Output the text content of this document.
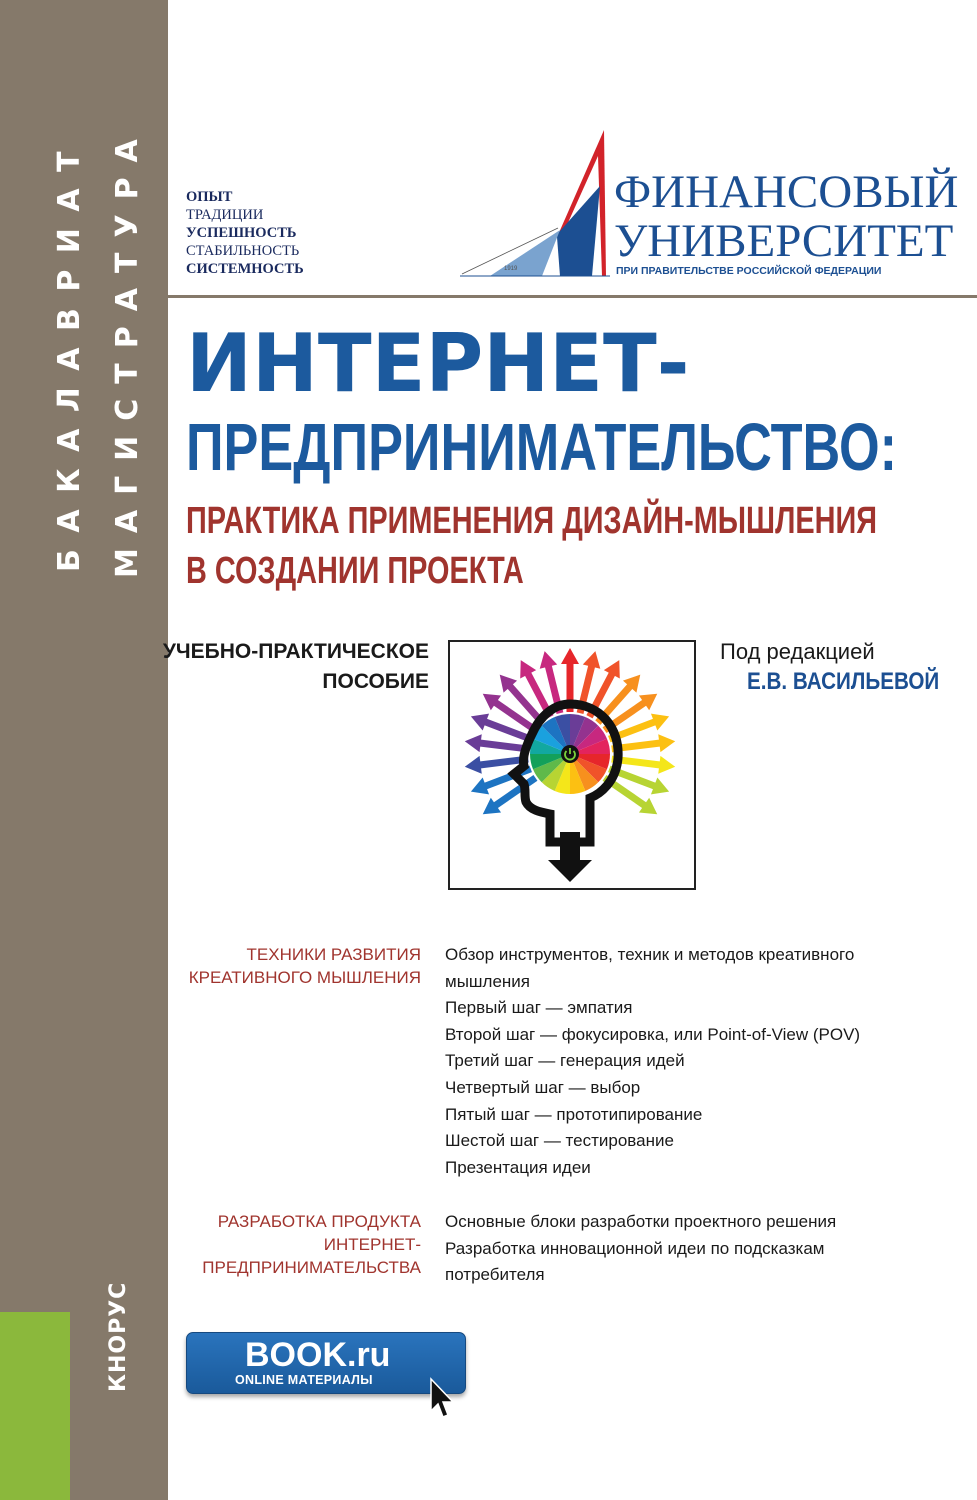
БАКАЛАВРИАТ МАГИСТРАТУРА
КНОРУС
ОПЫТ
ТРАДИЦИИ
УСПЕШНОСТЬ
СТАБИЛЬНОСТЬ
СИСТЕМНОСТЬ	1919
ФИНАНСОВЫЙ
УНИВЕРСИТЕТ
ПРИ ПРАВИТЕЛЬСТВЕ РОССИЙСКОЙ ФЕДЕРАЦИИ
ИНТЕРНЕТ-
ПРЕДПРИНИМАТЕЛЬСТВО:
ПРАКТИКА ПРИМЕНЕНИЯ ДИЗАЙН-МЫШЛЕНИЯ
В СОЗДАНИИ ПРОЕКТА
УЧЕБНО-ПРАКТИЧЕСКОЕ
ПОСОБИЕ
Под редакцией
Е.В. ВАСИЛЬЕВОЙ
ТЕХНИКИ РАЗВИТИЯ
КРЕАТИВНОГО МЫШЛЕНИЯ
Обзор инструментов, техник и методов креативного
мышления
Первый шаг — эмпатия
Второй шаг — фокусировка, или Point-of-View (POV)
Третий шаг — генерация идей
Четвертый шаг — выбор
Пятый шаг — прототипирование
Шестой шаг — тестирование
Презентация идеи
РАЗРАБОТКА ПРОДУКТА
ИНТЕРНЕТ-
ПРЕДПРИНИМАТЕЛЬСТВА
Основные блоки разработки проектного решения
Разработка инновационной идеи по подсказкам
потребителя
BOOK.ru
ONLINE МАТЕРИАЛЫ
